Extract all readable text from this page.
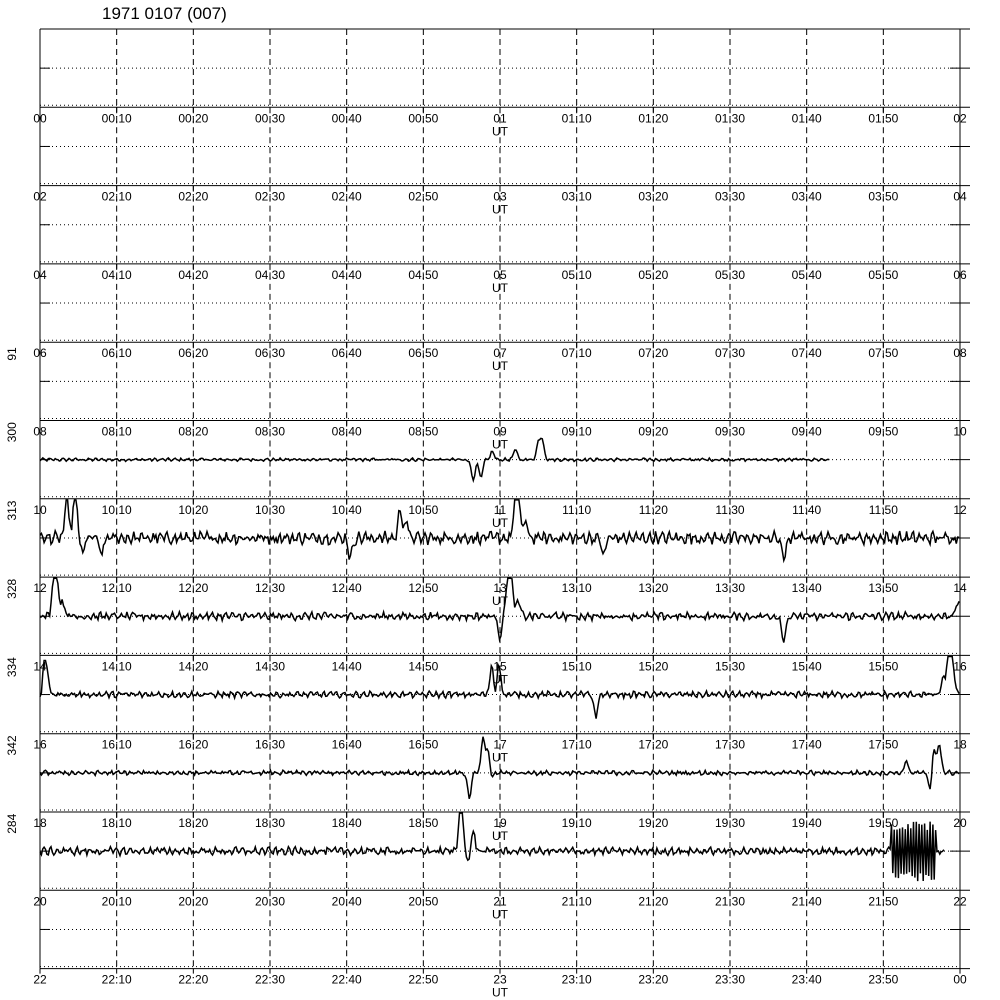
1971 0107 (007)
00	00:10	00:20	00:30	00:40	00:50	01	01:10	01:20	01:30	01:40	01:50	02
UT
02	02:10	02:20	02:30	02:40	02:50	03	03:10	03:20	03:30	03:40	03:50	04
UT
04	04:10	04:20	04:30	04:40	04:50	05	05:10	05:20	05:30	05:40	05:50	06
UT
06	06:10	06:20	06:30	06:40	06:50	07	07:10	07:20	07:30	07:40	07:50	08
UT
08	08:10	08:20	08:30	08:40	08:50	09	09:10	09:20	09:30	09:40	09:50	10
UT
91
10	10:10	10:20	10:30	10:40	10:50	11	11:10	11:20	11:30	11:40	11:50	12
UT
300
12	12:10	12:20	12:30	12:40	12:50	13	13:10	13:20	13:30	13:40	13:50	14
UT
313
14	14:10	14:20	14:30	14:40	14:50	15	15:10	15:20	15:30	15:40	15:50	16
UT
328
16	16:10	16:20	16:30	16:40	16:50	17	17:10	17:20	17:30	17:40	17:50	18
UT
334
18	18:10	18:20	18:30	18:40	18:50	19	19:10	19:20	19:30	19:40	19:50	20
UT
342
20	20:10	20:20	20:30	20:40	20:50	21	21:10	21:20	21:30	21:40	21:50	22
UT
284
22	22:10	22:20	22:30	22:40	22:50	23	23:10	23:20	23:30	23:40	23:50	00
UT
